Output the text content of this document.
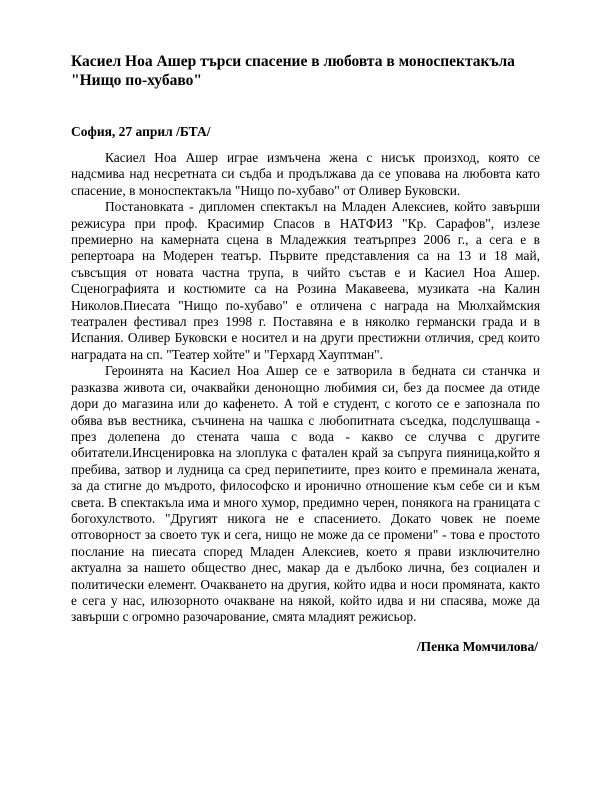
Касиел Ноа Ашер търси спасение в любовта в моноспектакъла "Нищо по-хубаво"

София, 27 април /БТА/

Касиел Ноа Ашер играе измъчена жена с нисък произход, която се надсмива над несретната си съдба и продължава да се уповава на любовта като спасение, в моноспектакъла "Нищо по-хубаво" от Оливер Буковски.

Постановката - дипломен спектакъл на Младен Алексиев, който завърши режисура при проф. Красимир Спасов в НАТФИЗ "Кр. Сарафов", излезе премиерно на камерната сцена в Младежкия театърпрез 2006 г., а сега е в репертоара на Модерен театър. Първите представления са на 13 и 18 май, съвсъщия от новата частна трупа, в чийто състав е и Касиел Ноа Ашер. Сценографията и костюмите са на Розина Макавеева, музиката -на Калин Николов.Пиесата "Нищо по-хубаво" е отличена с награда на Мюлхаймския театрален фестивал през 1998 г. Поставяна е в няколко германски града и в Испания. Оливер Буковски е носител и на други престижни отличия, сред които наградата на сп. "Театер хойте" и "Герхард Хауптман".

Героинята на Касиел Ноа Ашер се е затворила в бедната си станчка и разказва живота си, очаквайки денонощно любимия си, без да посмее да отиде дори до магазина или до кафенето. А той е студент, с когото се е запознала по обява във вестника, съчинена на чашка с любопитната съседка, подслушваща - през долепена до стената чаша с вода - какво се случва с другите обитатели.Инсценировка на злоплука с фатален край за съпруга пияница,който я пребива, затвор и лудница са сред перипетиите, през които е преминала жената, за да стигне до мъдрото, философско и иронично отношение към себе си и към света. В спектакъла има и много хумор, предимно черен, понякога на границата с богохулството. "Другият никога не е спасението. Докато човек не поеме отговорност за своето тук и сега, нищо не може да се промени" - това е простото послание на пиесата според Младен Алексиев, което я прави изключително актуална за нашето общество днес, макар да е дълбоко лична, без социален и политически елемент. Очакването на другия, който идва и носи промяната, както е сега у нас, илюзорното очакване на някой, който идва и ни спасява, може да завърши с огромно разочарование, смята младият режисьор.

/Пенка Момчилова/
